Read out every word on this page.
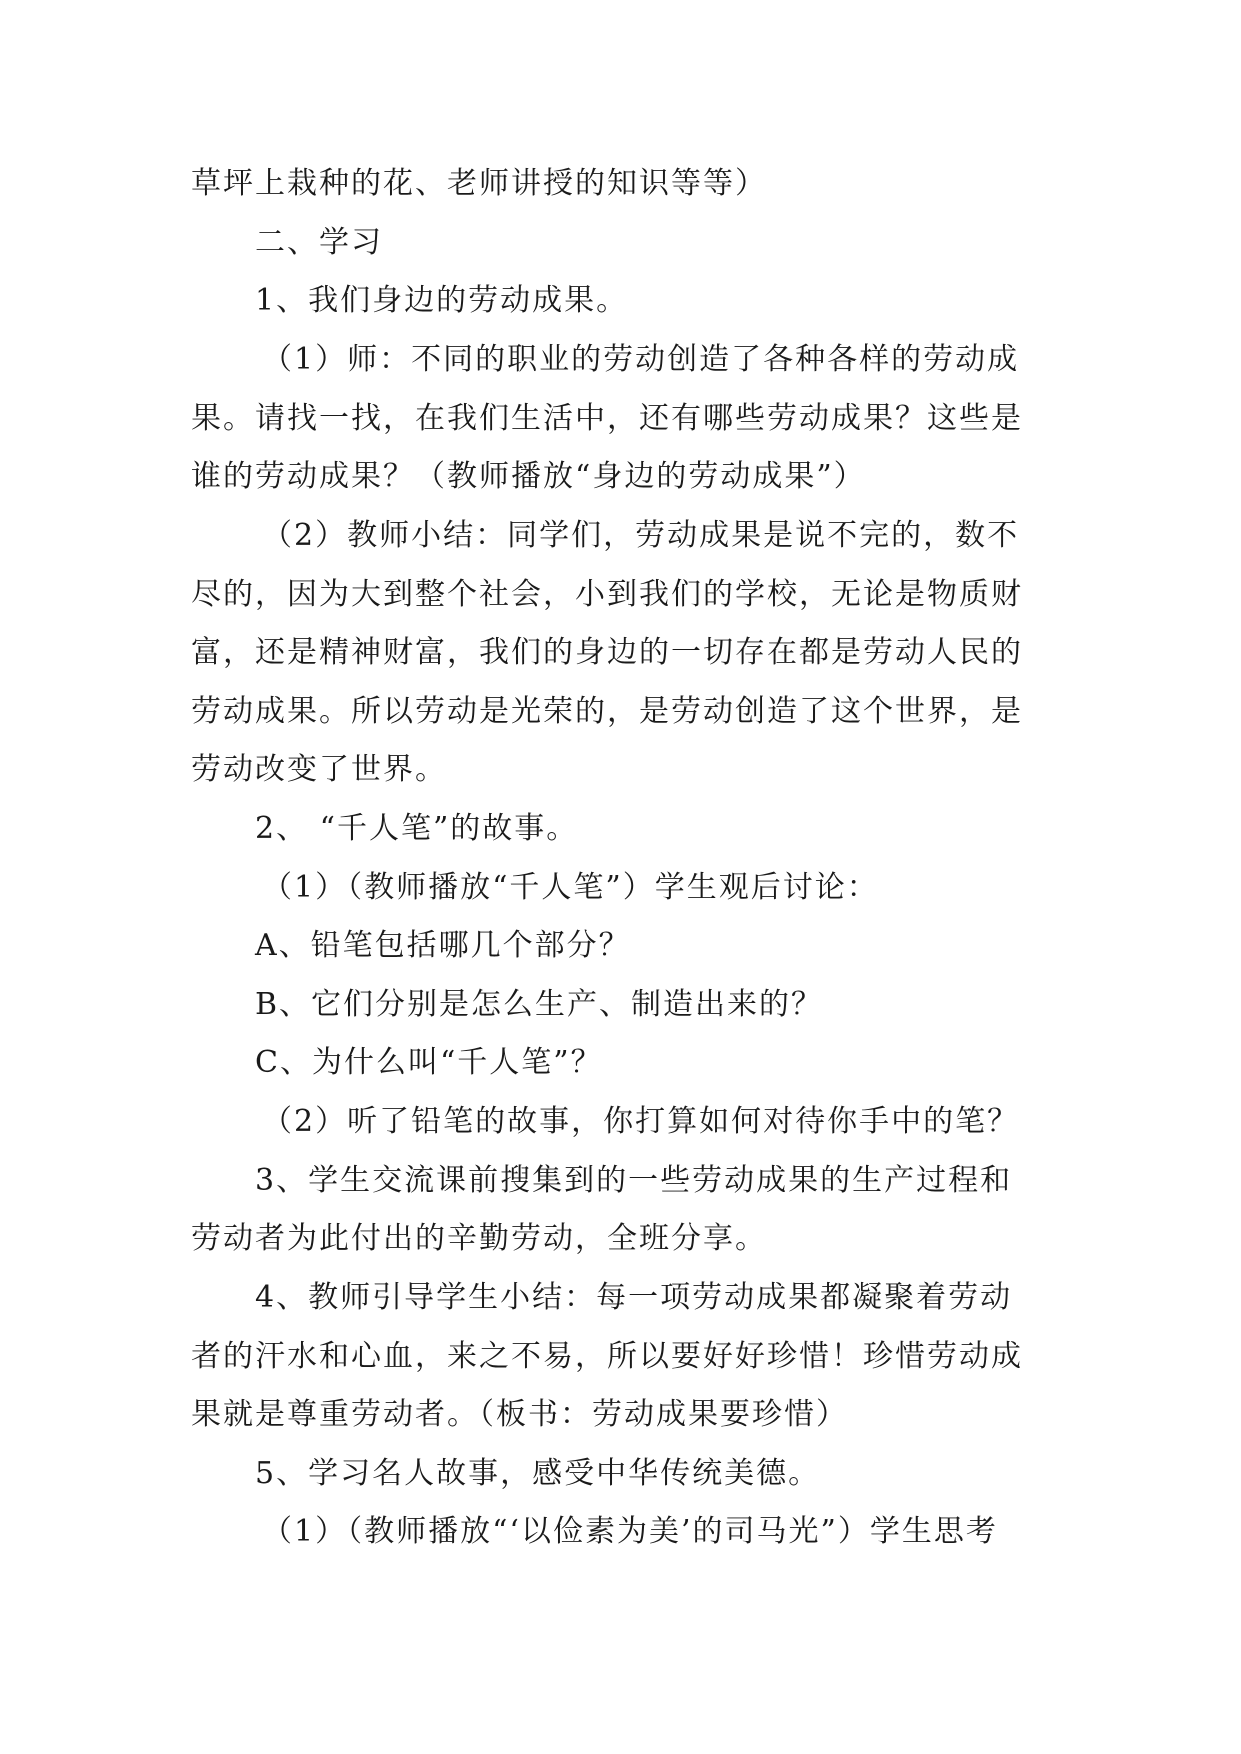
草坪上栽种的花、老师讲授的知识等等）
二、学习
1、我们身边的劳动成果。
（1）师：不同的职业的劳动创造了各种各样的劳动成
果。请找一找，在我们生活中，还有哪些劳动成果？这些是
谁的劳动成果？（教师播放“身边的劳动成果”）
（2）教师小结：同学们，劳动成果是说不完的，数不
尽的，因为大到整个社会，小到我们的学校，无论是物质财
富，还是精神财富，我们的身边的一切存在都是劳动人民的
劳动成果。所以劳动是光荣的，是劳动创造了这个世界，是
劳动改变了世界。
2、 “千人笔”的故事。
（1）（教师播放“千人笔”）学生观后讨论：
A、铅笔包括哪几个部分？
B、它们分别是怎么生产、制造出来的？
C、为什么叫“千人笔”？
（2）听了铅笔的故事，你打算如何对待你手中的笔？
3、学生交流课前搜集到的一些劳动成果的生产过程和
劳动者为此付出的辛勤劳动，全班分享。
4、教师引导学生小结：每一项劳动成果都凝聚着劳动
者的汗水和心血，来之不易，所以要好好珍惜！珍惜劳动成
果就是尊重劳动者。（板书：劳动成果要珍惜）
5、学习名人故事，感受中华传统美德。
（1）（教师播放“‘以俭素为美’的司马光”）学生思考
